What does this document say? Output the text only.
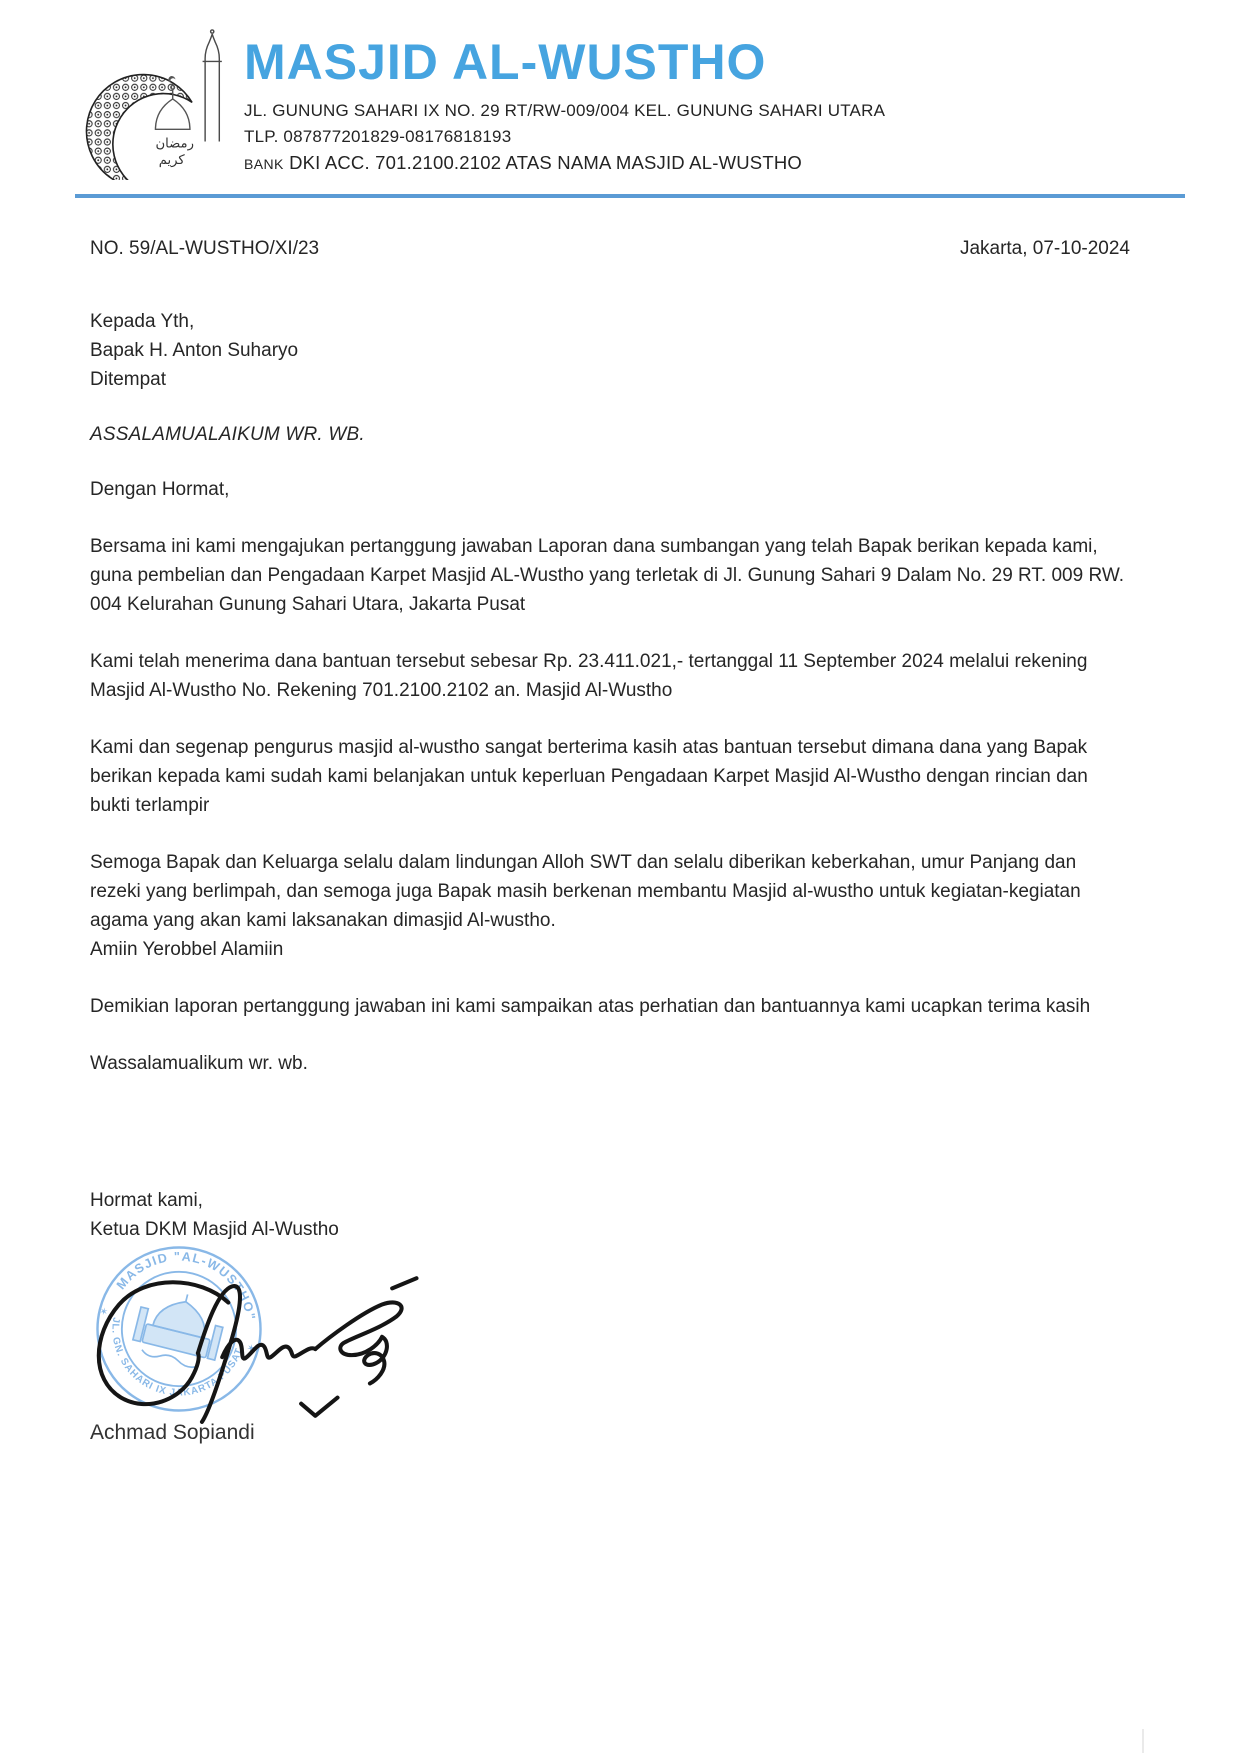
رمضان
كريم
MASJID AL-WUSTHO
JL. GUNUNG SAHARI IX NO. 29 RT/RW-009/004 KEL. GUNUNG SAHARI UTARA
TLP. 087877201829-08176818193
BANK DKI ACC. 701.2100.2102 ATAS NAMA MASJID AL-WUSTHO
NO. 59/AL-WUSTHO/XI/23	Jakarta, 07-10-2024
Kepada Yth,
Bapak H. Anton Suharyo
Ditempat

ASSALAMUALAIKUM WR. WB.

Dengan Hormat,

Bersama ini kami mengajukan pertanggung jawaban Laporan dana sumbangan yang telah Bapak berikan kepada kami, guna pembelian dan Pengadaan Karpet Masjid AL-Wustho yang terletak di Jl. Gunung Sahari 9 Dalam No. 29 RT. 009 RW. 004 Kelurahan Gunung Sahari Utara, Jakarta Pusat

Kami telah menerima dana bantuan tersebut sebesar Rp. 23.411.021,- tertanggal 11 September 2024 melalui rekening Masjid Al-Wustho No. Rekening 701.2100.2102 an. Masjid Al-Wustho

Kami dan segenap pengurus masjid al-wustho sangat berterima kasih atas bantuan tersebut dimana dana yang Bapak berikan kepada kami sudah kami belanjakan untuk keperluan Pengadaan Karpet Masjid Al-Wustho dengan rincian dan bukti terlampir

Semoga Bapak dan Keluarga selalu dalam lindungan Alloh SWT dan selalu diberikan keberkahan, umur Panjang dan rezeki yang berlimpah, dan semoga juga Bapak masih berkenan membantu Masjid al-wustho untuk kegiatan-kegiatan agama yang akan kami laksanakan dimasjid Al-wustho.

Amiin Yerobbel Alamiin

Demikian laporan pertanggung jawaban ini kami sampaikan atas perhatian dan bantuannya kami ucapkan terima kasih

Wassalamualikum wr. wb.

Hormat kami,
Ketua DKM Masjid Al-Wustho
MASJID "AL-WUSTHO"
JL. GN. SAHARI IX JAKARTA PUSAT
✶
✶
Achmad Sopiandi
